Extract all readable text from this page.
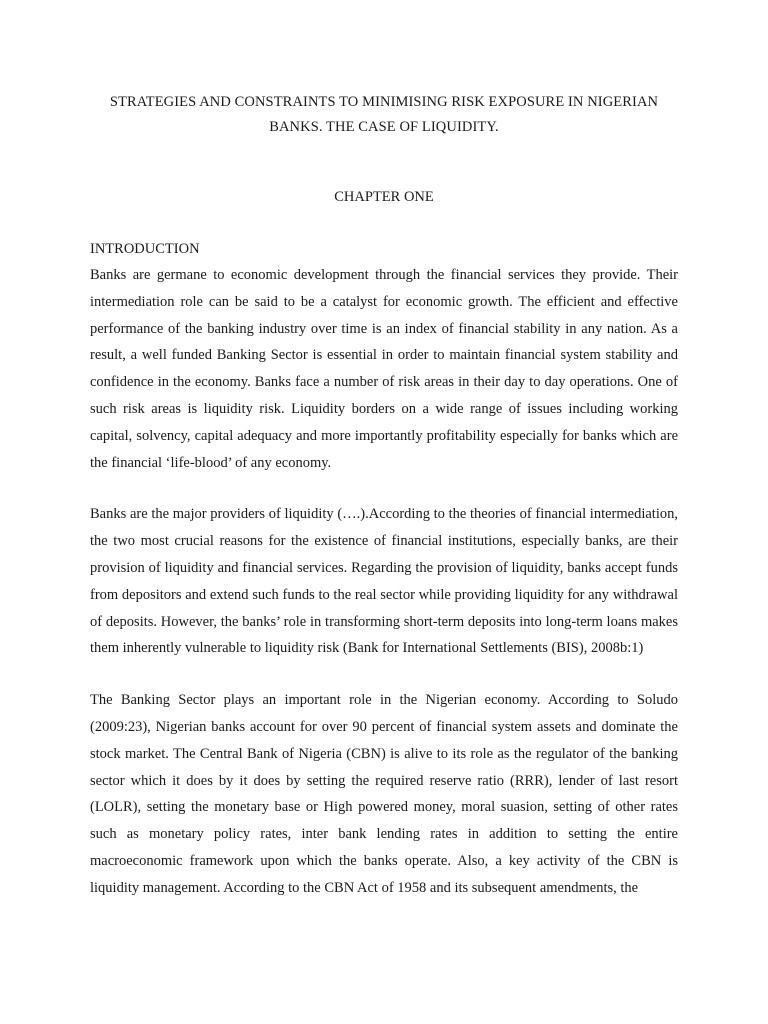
STRATEGIES AND CONSTRAINTS TO MINIMISING RISK EXPOSURE IN NIGERIAN BANKS. THE CASE OF LIQUIDITY.
CHAPTER ONE
INTRODUCTION

Banks are germane to economic development through the financial services they provide. Their intermediation role can be said to be a catalyst for economic growth. The efficient and effective performance of the banking industry over time is an index of financial stability in any nation. As a result, a well funded Banking Sector is essential in order to maintain financial system stability and confidence in the economy. Banks face a number of risk areas in their day to day operations. One of such risk areas is liquidity risk. Liquidity borders on a wide range of issues including working capital, solvency, capital adequacy and more importantly profitability especially for banks which are the financial ‘life-blood’ of any economy.

Banks are the major providers of liquidity (….).According to the theories of financial intermediation, the two most crucial reasons for the existence of financial institutions, especially banks, are their provision of liquidity and financial services. Regarding the provision of liquidity, banks accept funds from depositors and extend such funds to the real sector while providing liquidity for any withdrawal of deposits. However, the banks’ role in transforming short-term deposits into long-term loans makes them inherently vulnerable to liquidity risk (Bank for International Settlements (BIS), 2008b:1)

The Banking Sector plays an important role in the Nigerian economy. According to Soludo (2009:23), Nigerian banks account for over 90 percent of financial system assets and dominate the stock market. The Central Bank of Nigeria (CBN) is alive to its role as the regulator of the banking sector which it does by it does by setting the required reserve ratio (RRR), lender of last resort (LOLR), setting the monetary base or High powered money, moral suasion, setting of other rates such as monetary policy rates, inter bank lending rates in addition to setting the entire macroeconomic framework upon which the banks operate. Also, a key activity of the CBN is liquidity management. According to the CBN Act of 1958 and its subsequent amendments, the
